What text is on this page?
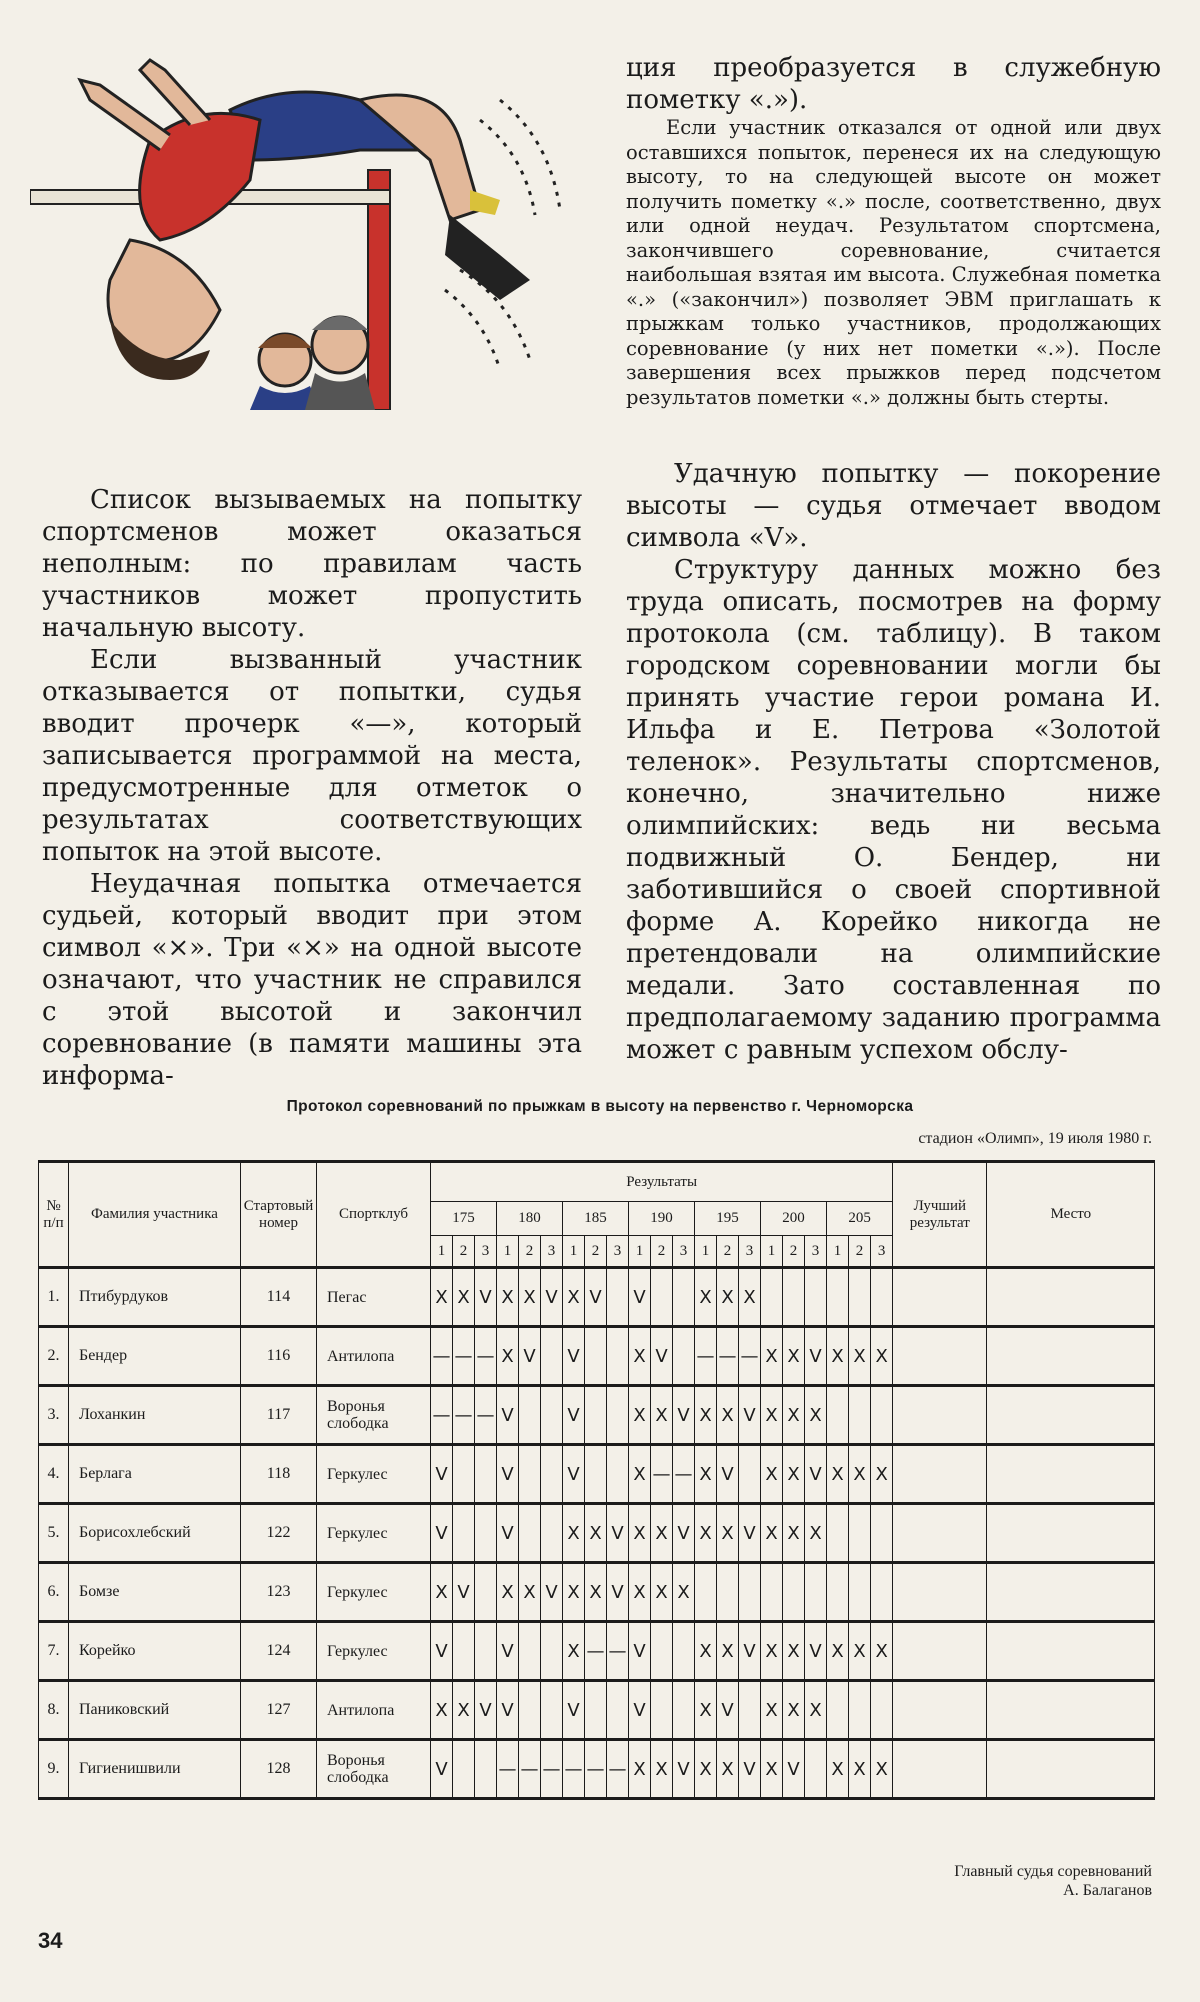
ция преобразуется в служебную пометку «.»).

Если участник отказался от одной или двух оставшихся попыток, перенеся их на следующую высоту, то на следующей высоте он может получить пометку «.» после, соответственно, двух или одной неудач. Результатом спортсмена, закончившего соревнование, считается наибольшая взятая им высота. Служебная пометка «.» («закончил») позволяет ЭВМ приглашать к прыжкам только участников, продолжающих соревнование (у них нет пометки «.»). После завершения всех прыжков перед подсчетом результатов пометки «.» должны быть стерты.

Список вызываемых на попытку спортсменов может оказаться неполным: по правилам часть участников может пропустить начальную высоту.

Если вызванный участник отказывается от попытки, судья вводит прочерк «—», который записывается программой на места, предусмотренные для отметок о результатах соответствующих попыток на этой высоте.

Неудачная попытка отмечается судьей, который вводит при этом символ «×». Три «×» на одной высоте означают, что участник не справился с этой высотой и закончил соревнование (в памяти машины эта информа-

Удачную попытку — покорение высоты — судья отмечает вводом символа «V».

Структуру данных можно без труда описать, посмотрев на форму протокола (см. таблицу). В таком городском соревновании могли бы принять участие герои романа И. Ильфа и Е. Петрова «Золотой теленок». Результаты спортсменов, конечно, значительно ниже олимпийских: ведь ни весьма подвижный О. Бендер, ни заботившийся о своей спортивной форме А. Корейко никогда не претендовали на олимпийские медали. Зато составленная по предполагаемому заданию программа может с равным успехом обслу-

Протокол соревнований по прыжкам в высоту на первенство г. Черноморска
стадион «Олимп», 19 июля 1980 г.
№ п/п	Фамилия участника	Стартовый номер	Спортклуб	Результаты																					Лучший результат	Место
				175			180			185			190			195			200			205				
				1	2	3	1	2	3	1	2	3	1	2	3	1	2	3	1	2	3	1	2	3		
1.	Птибурдуков	114	Пегас	X	X	V	X	X	V	X	V		V			X	X	X								
2.	Бендер	116	Антилопа	—	—	—	X	V		V			X	V		—	—	—	X	X	V	X	X	X		
3.	Лоханкин	117	Воронья слободка	—	—	—	V			V			X	X	V	X	X	V	X	X	X					
4.	Берлага	118	Геркулес	V			V			V			X	—	—	X	V		X	X	V	X	X	X		
5.	Борисохлебский	122	Геркулес	V			V			X	X	V	X	X	V	X	X	V	X	X	X					
6.	Бомзе	123	Геркулес	X	V		X	X	V	X	X	V	X	X	X											
7.	Корейко	124	Геркулес	V			V			X	—	—	V			X	X	V	X	X	V	X	X	X		
8.	Паниковский	127	Антилопа	X	X	V	V			V			V			X	V		X	X	X					
9.	Гигиенишвили	128	Воронья слободка	V			—	—	—	—	—	—	X	X	V	X	X	V	X	V		X	X	X		
Главный судья соревнований
А. Балаганов
34
